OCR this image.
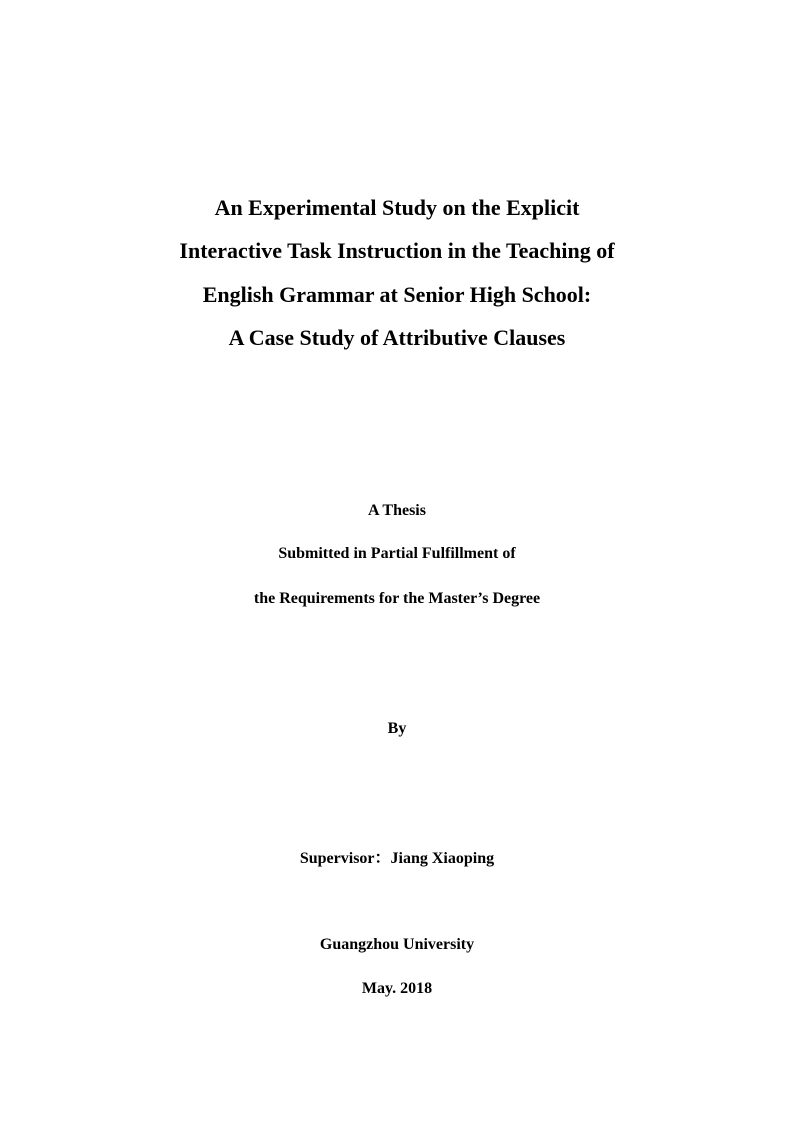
An Experimental Study on the Explicit
Interactive Task Instruction in the Teaching of
English Grammar at Senior High School:
A Case Study of Attributive Clauses
A Thesis
Submitted in Partial Fulfillment of
the Requirements for the Master’s Degree
By
Supervisor：Jiang Xiaoping
Guangzhou University
May. 2018
